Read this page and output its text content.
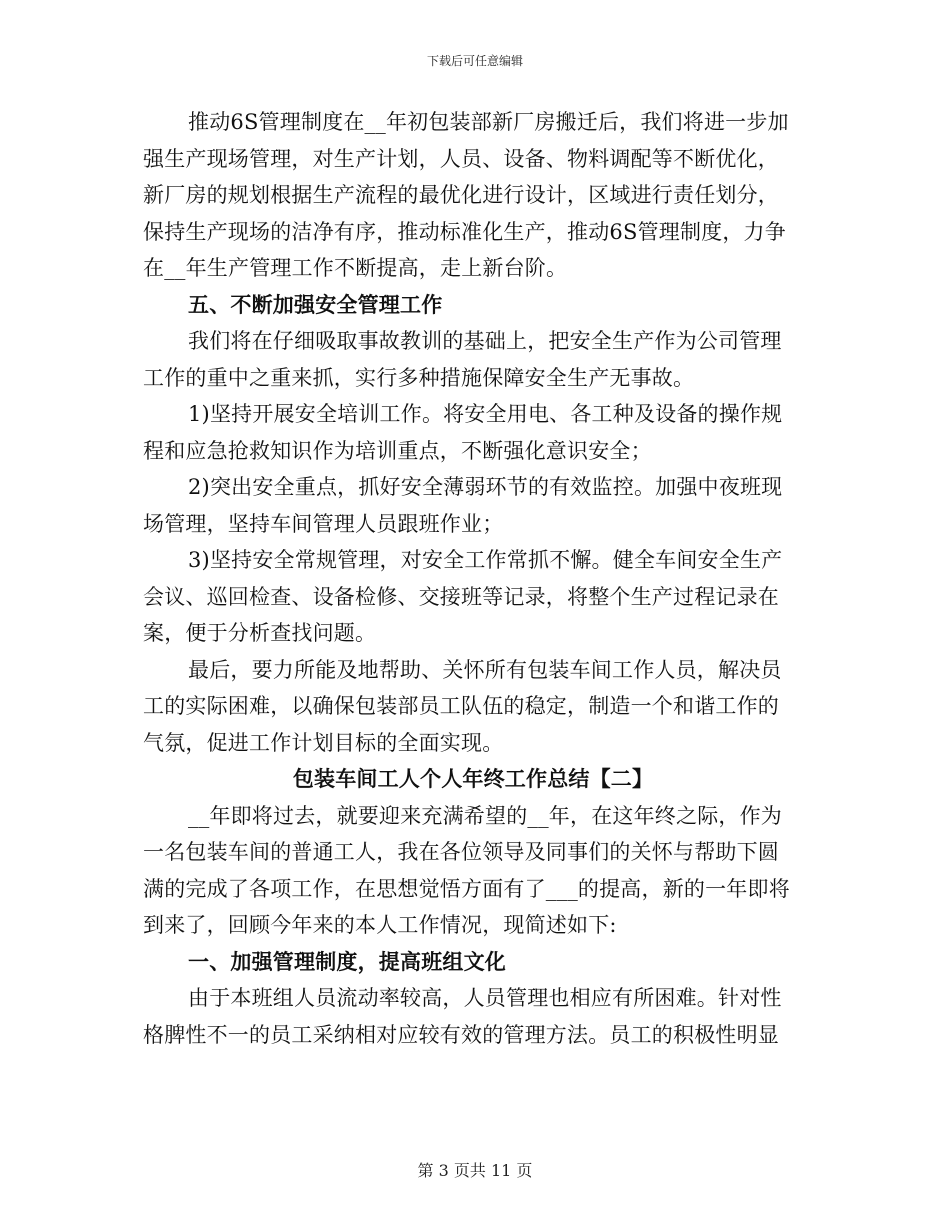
下载后可任意编辑
推动6S管理制度在__年初包装部新厂房搬迁后，我们将进一步加
强生产现场管理，对生产计划，人员、设备、物料调配等不断优化，
新厂房的规划根据生产流程的最优化进行设计，区域进行责任划分，
保持生产现场的洁净有序，推动标准化生产，推动6S管理制度，力争
在__年生产管理工作不断提高，走上新台阶。
五、不断加强安全管理工作
我们将在仔细吸取事故教训的基础上，把安全生产作为公司管理
工作的重中之重来抓，实行多种措施保障安全生产无事故。
1)坚持开展安全培训工作。将安全用电、各工种及设备的操作规
程和应急抢救知识作为培训重点，不断强化意识安全；
2)突出安全重点，抓好安全薄弱环节的有效监控。加强中夜班现
场管理，坚持车间管理人员跟班作业；
3)坚持安全常规管理，对安全工作常抓不懈。健全车间安全生产
会议、巡回检查、设备检修、交接班等记录，将整个生产过程记录在
案，便于分析查找问题。
最后，要力所能及地帮助、关怀所有包装车间工作人员，解决员
工的实际困难，以确保包装部员工队伍的稳定，制造一个和谐工作的
气氛，促进工作计划目标的全面实现。
包装车间工人个人年终工作总结【二】
__年即将过去，就要迎来充满希望的__年，在这年终之际，作为
一名包装车间的普通工人，我在各位领导及同事们的关怀与帮助下圆
满的完成了各项工作，在思想觉悟方面有了___的提高，新的一年即将
到来了，回顾今年来的本人工作情况，现简述如下:
一、加强管理制度，提高班组文化
由于本班组人员流动率较高，人员管理也相应有所困难。针对性
格脾性不一的员工采纳相对应较有效的管理方法。员工的积极性明显
第 3 页共 11 页
